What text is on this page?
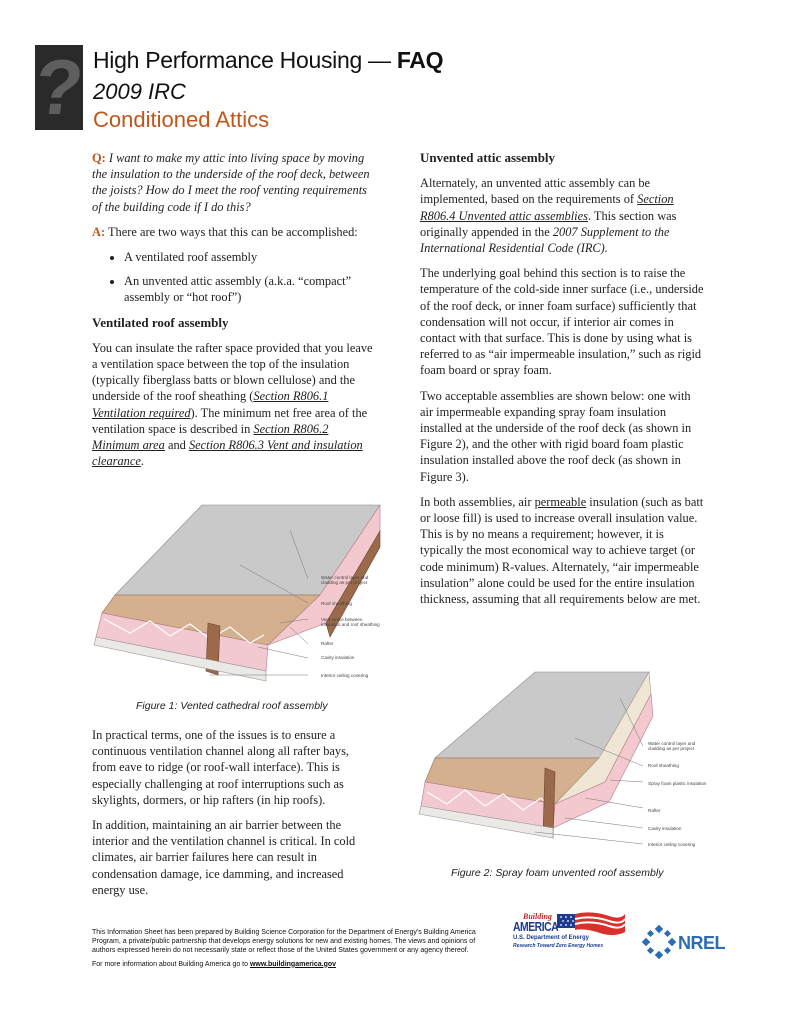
? High Performance Housing — FAQ
2009 IRC
Conditioned Attics

Q: I want to make my attic into living space by moving the insulation to the underside of the roof deck, between the joists? How do I meet the roof venting requirements of the building code if I do this?

A: There are two ways that this can be accomplished:

• A ventilated roof assembly
• An unvented attic assembly (a.k.a. “compact” assembly or “hot roof”)

Ventilated roof assembly

You can insulate the rafter space provided that you leave a ventilation space between the top of the insulation (typically fiberglass batts or blown cellulose) and the underside of the roof sheathing (Section R806.1 Ventilation required). The minimum net free area of the ventilation space is described in Section R806.2 Minimum area and Section R806.3 Vent and insulation clearance.

Water control layer and cladding as per project
Roof sheathing
Vent space between insulation and roof sheathing
Rafter
Cavity insulation
Interior ceiling covering
Figure 1: Vented cathedral roof assembly

In practical terms, one of the issues is to ensure a continuous ventilation channel along all rafter bays, from eave to ridge (or roof-wall interface). This is especially challenging at roof interruptions such as skylights, dormers, or hip rafters (in hip roofs).

In addition, maintaining an air barrier between the interior and the ventilation channel is critical. In cold climates, air barrier failures here can result in condensation damage, ice damming, and increased energy use.

Unvented attic assembly

Alternately, an unvented attic assembly can be implemented, based on the requirements of Section R806.4 Unvented attic assemblies. This section was originally appended in the 2007 Supplement to the International Residential Code (IRC).

The underlying goal behind this section is to raise the temperature of the cold-side inner surface (i.e., underside of the roof deck, or inner foam surface) sufficiently that condensation will not occur, if interior air comes in contact with that surface. This is done by using what is referred to as “air impermeable insulation,” such as rigid foam board or spray foam.

Two acceptable assemblies are shown below: one with air impermeable expanding spray foam insulation installed at the underside of the roof deck (as shown in Figure 2), and the other with rigid board foam plastic insulation installed above the roof deck (as shown in Figure 3).

In both assemblies, air permeable insulation (such as batt or loose fill) is used to increase overall insulation value. This is by no means a requirement; however, it is typically the most economical way to achieve target (or code minimum) R-values. Alternately, “air impermeable insulation” alone could be used for the entire insulation thickness, assuming that all requirements below are met.

Water control layer and cladding as per project
Roof sheathing
Spray foam plastic insulation
Rafter
Cavity insulation
Interior ceiling covering
Figure 2: Spray foam unvented roof assembly

This Information Sheet has been prepared by Building Science Corporation for the Department of Energy's Building America Program, a private/public partnership that develops energy solutions for new and existing homes. The views and opinions of authors expressed herein do not necessarily state or reflect those of the United States government or any agency thereof.

For more information about Building America go to www.buildingamerica.gov

Building
AMERICA
U.S. Department of Energy
Research Toward Zero Energy Homes	NREL
